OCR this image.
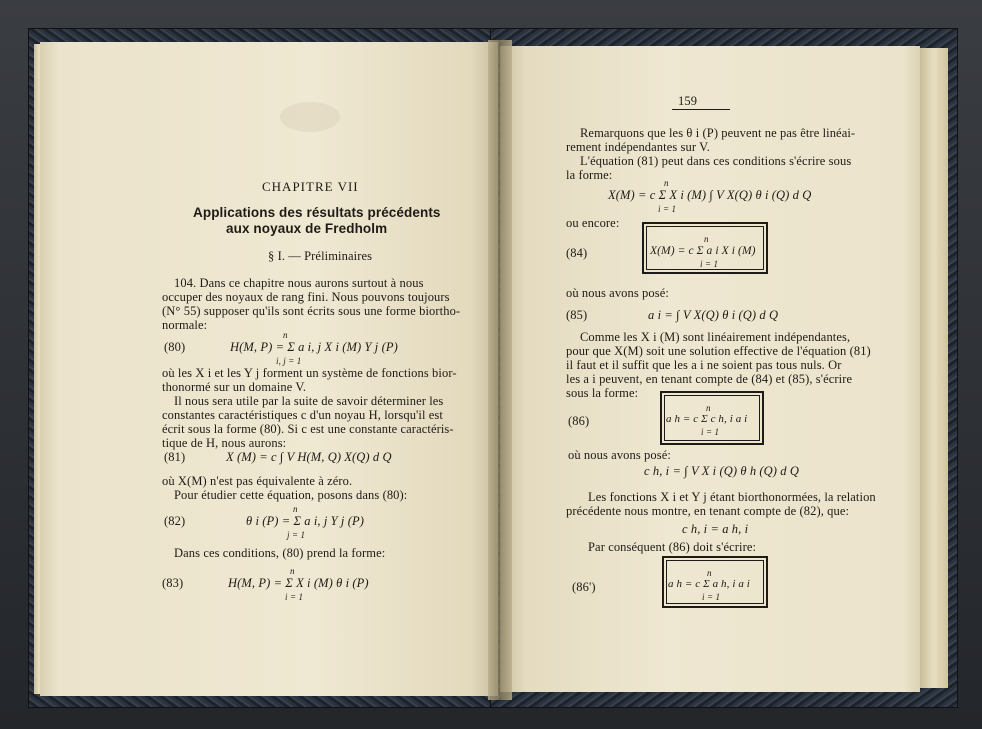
CHAPITRE VII
Applications des résultats précédents
aux noyaux de Fredholm
§ I. — Préliminaires
104. Dans ce chapitre nous aurons surtout à nous
occuper des noyaux de rang fini. Nous pouvons toujours
(N° 55) supposer qu'ils sont écrits sous une forme biortho-
normale:
(80)
n
H(M, P) = Σ a i, j X i (M) Y j (P)
i, j = 1
où les X i et les Y j forment un système de fonctions bior-
thonormé sur un domaine V.
Il nous sera utile par la suite de savoir déterminer les
constantes caractéristiques c d'un noyau H, lorsqu'il est
écrit sous la forme (80). Si c est une constante caractéris-
tique de H, nous aurons:
(81)	X (M) = c ∫ V H(M, Q) X(Q) d Q
où X(M) n'est pas équivalente à zéro.
Pour étudier cette équation, posons dans (80):
(82)
n
θ i (P) = Σ a i, j Y j (P)
j = 1
Dans ces conditions, (80) prend la forme:
(83)
n
H(M, P) = Σ X i (M) θ i (P)
i = 1
159
Remarquons que les θ i (P) peuvent ne pas être linéai-
rement indépendantes sur V.
L'équation (81) peut dans ces conditions s'écrire sous
la forme:
n
X(M) = c Σ X i (M) ∫ V X(Q) θ i (Q) d Q
i = 1
ou encore:
(84)
n
X(M) = c Σ a i X i (M)
i = 1
où nous avons posé:
(85)	a i = ∫ V X(Q) θ i (Q) d Q
Comme les X i (M) sont linéairement indépendantes,
pour que X(M) soit une solution effective de l'équation (81)
il faut et il suffit que les a i ne soient pas tous nuls. Or
les a i peuvent, en tenant compte de (84) et (85), s'écrire
sous la forme:
(86)
n
a h = c Σ c h, i a i
i = 1
où nous avons posé:
c h, i = ∫ V X i (Q) θ h (Q) d Q
Les fonctions X i et Y j étant biorthonormées, la relation
précédente nous montre, en tenant compte de (82), que:
c h, i = a h, i
Par conséquent (86) doit s'écrire:
(86')
n
a h = c Σ a h, i a i
i = 1
